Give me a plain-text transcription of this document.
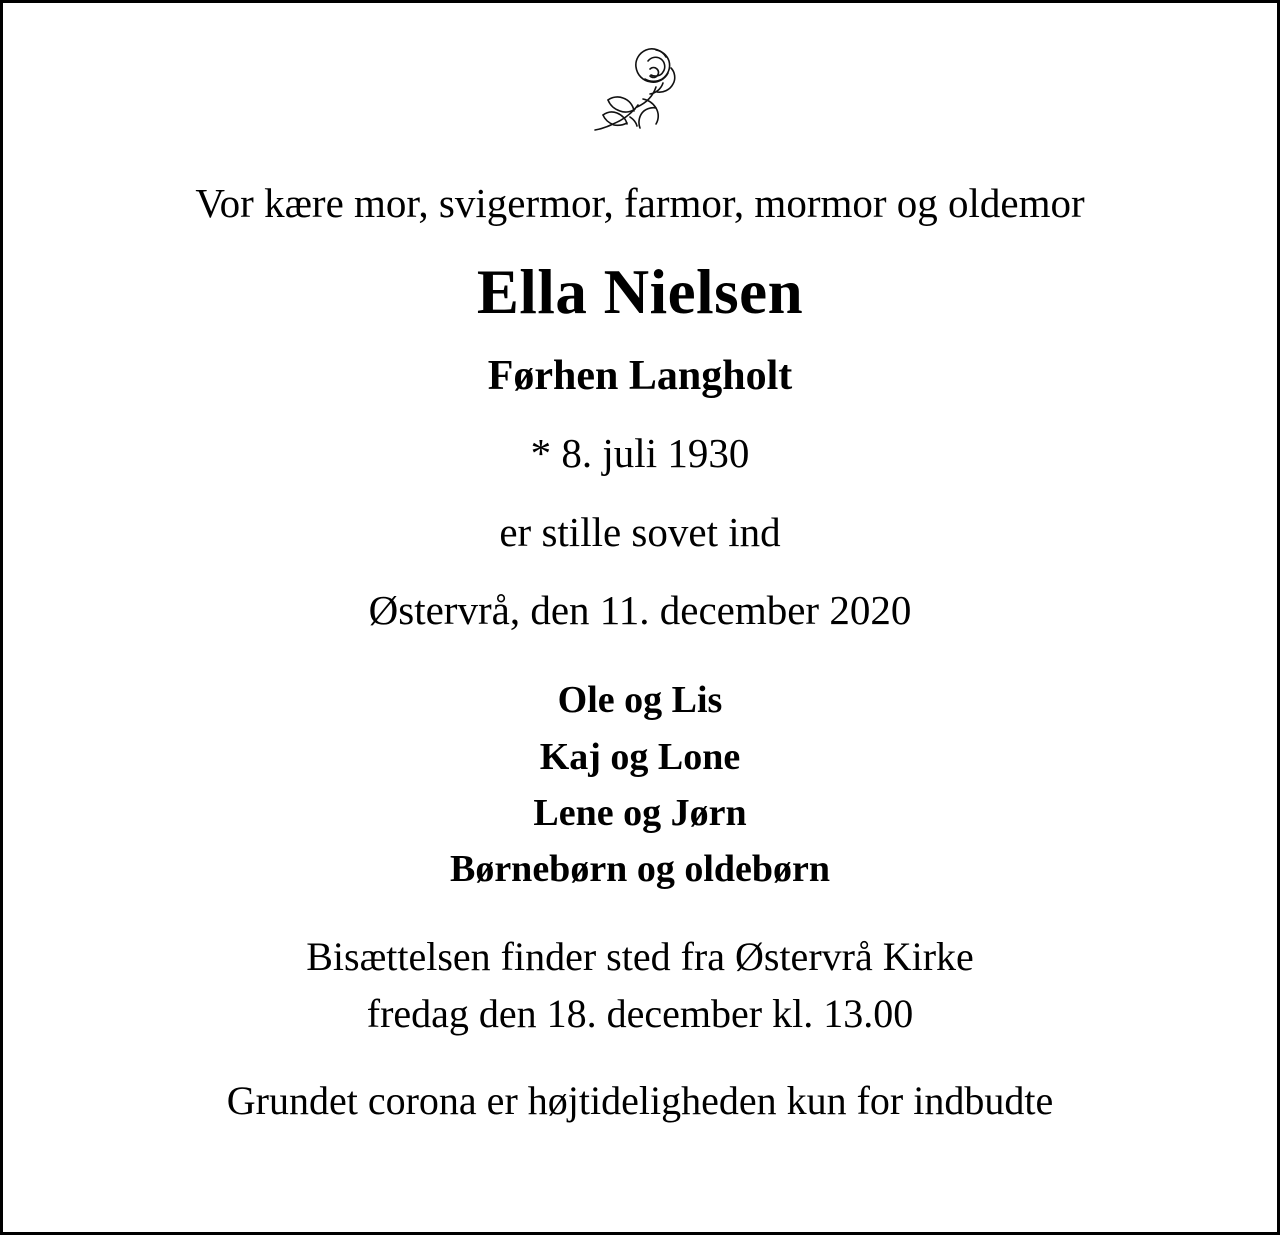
Vor kære mor, svigermor, farmor, mormor og oldemor
Ella Nielsen
Førhen Langholt
* 8. juli 1930
er stille sovet ind
Østervrå, den 11. december 2020
Ole og Lis
Kaj og Lone
Lene og Jørn
Børnebørn og oldebørn
Bisættelsen finder sted fra Østervrå Kirke
fredag den 18. december kl. 13.00
Grundet corona er højtideligheden kun for indbudte
